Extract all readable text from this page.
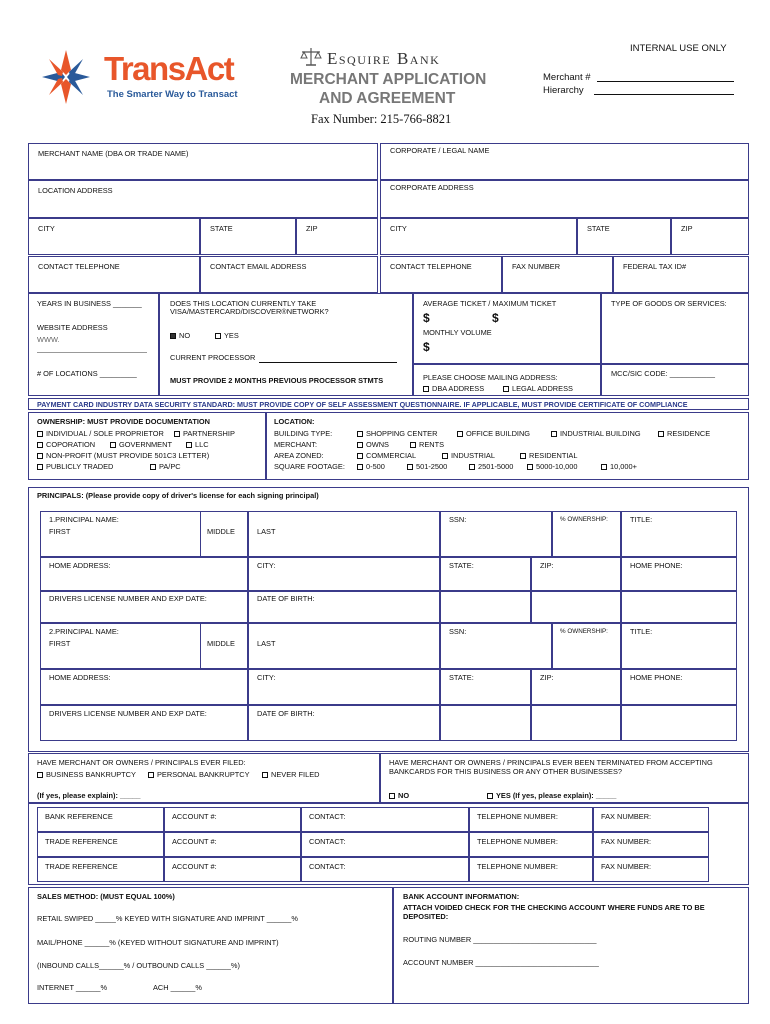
TransAct
The Smarter Way to Transact
Esquire Bank
MERCHANT APPLICATION
AND AGREEMENT
Fax Number: 215-766-8821
INTERNAL USE ONLY
Merchant #
Hierarchy
MERCHANT NAME (DBA OR TRADE NAME)	CORPORATE / LEGAL NAME
LOCATION ADDRESS	CORPORATE ADDRESS
CITY	STATE	ZIP	CITY	STATE	ZIP
CONTACT TELEPHONE	CONTACT EMAIL ADDRESS	CONTACT TELEPHONE	FAX NUMBER	FEDERAL TAX ID#
YEARS IN BUSINESS _______
WEBSITE ADDRESS
WWW.
# OF LOCATIONS _________
DOES THIS LOCATION CURRENTLY TAKE
VISA/MASTERCARD/DISCOVER®NETWORK?
NO	YES
CURRENT PROCESSOR
MUST PROVIDE 2 MONTHS PREVIOUS PROCESSOR STMTS
AVERAGE TICKET / MAXIMUM TICKET
$	$
MONTHLY VOLUME
$
TYPE OF GOODS OR SERVICES:
PLEASE CHOOSE MAILING ADDRESS:
DBA ADDRESS	LEGAL ADDRESS
MCC/SIC CODE: ___________
PAYMENT CARD INDUSTRY DATA SECURITY STANDARD: MUST PROVIDE COPY OF SELF ASSESSMENT QUESTIONNAIRE. IF APPLICABLE, MUST PROVIDE CERTIFICATE OF COMPLIANCE
OWNERSHIP: MUST PROVIDE DOCUMENTATION
INDIVIDUAL / SOLE PROPRIETOR	PARTNERSHIP
COPORATION	GOVERNMENT	LLC
NON-PROFIT (MUST PROVIDE 501C3 LETTER)
PUBLICLY TRADED	PA/PC
LOCATION:
BUILDING TYPE:	SHOPPING CENTER	OFFICE BUILDING	INDUSTRIAL BUILDING	RESIDENCE
MERCHANT:	OWNS	RENTS
AREA ZONED:	COMMERCIAL	INDUSTRIAL	RESIDENTIAL
SQUARE FOOTAGE:	0-500	501-2500	2501-5000	5000-10,000	10,000+
PRINCIPALS: (Please provide copy of driver's license for each signing principal)
1.PRINCIPAL NAME:
FIRST	MIDDLE	LAST
SSN:	% OWNERSHIP:	TITLE:
HOME ADDRESS:	CITY:	STATE:	ZIP:	HOME PHONE:
DRIVERS LICENSE NUMBER AND EXP DATE:	DATE OF BIRTH:
2.PRINCIPAL NAME:
FIRST	MIDDLE	LAST
SSN:	% OWNERSHIP:	TITLE:
HOME ADDRESS:	CITY:	STATE:	ZIP:	HOME PHONE:
DRIVERS LICENSE NUMBER AND EXP DATE:	DATE OF BIRTH:
HAVE MERCHANT OR OWNERS / PRINCIPALS EVER FILED:
BUSINESS BANKRUPTCY	PERSONAL BANKRUPTCY	NEVER FILED
(If yes, please explain): _____
HAVE MERCHANT OR OWNERS / PRINCIPALS EVER BEEN TERMINATED FROM ACCEPTING
BANKCARDS FOR THIS BUSINESS OR ANY OTHER BUSINESSES?
NO	YES (If yes, please explain): _____
BANK REFERENCE	ACCOUNT #:	CONTACT:	TELEPHONE NUMBER:	FAX NUMBER:
TRADE REFERENCE	ACCOUNT #:	CONTACT:	TELEPHONE NUMBER:	FAX NUMBER:
TRADE REFERENCE	ACCOUNT #:	CONTACT:	TELEPHONE NUMBER:	FAX NUMBER:
SALES METHOD: (MUST EQUAL 100%)
RETAIL SWIPED _____% KEYED WITH SIGNATURE AND IMPRINT ______%
MAIL/PHONE ______% (KEYED WITHOUT SIGNATURE AND IMPRINT)
(INBOUND CALLS______% / OUTBOUND CALLS ______%)
INTERNET ______%	ACH ______%
BANK ACCOUNT INFORMATION:
ATTACH VOIDED CHECK FOR THE CHECKING ACCOUNT WHERE FUNDS ARE TO BE
DEPOSITED:
ROUTING NUMBER ______________________________
ACCOUNT NUMBER ______________________________
